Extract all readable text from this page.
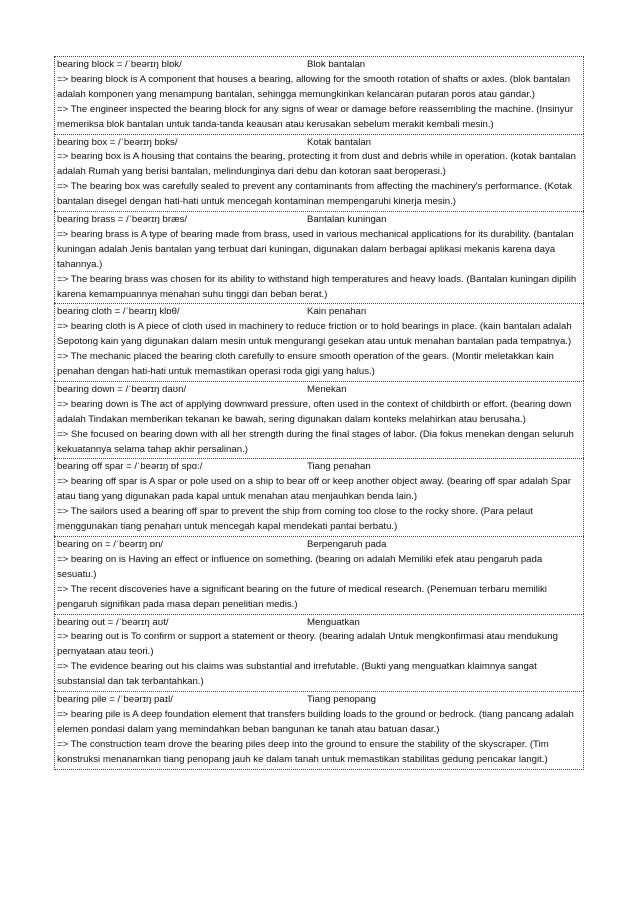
bearing block = /ˈbeərɪŋ blɒk/	Blok bantalan

=> bearing block is A component that houses a bearing, allowing for the smooth rotation of shafts or axles. (blok bantalan adalah komponen yang menampung bantalan, sehingga memungkinkan kelancaran putaran poros atau gandar.)

=> The engineer inspected the bearing block for any signs of wear or damage before reassembling the machine. (Insinyur memeriksa blok bantalan untuk tanda-tanda keausan atau kerusakan sebelum merakit kembali mesin.)

bearing box = /ˈbeərɪŋ bɒks/	Kotak bantalan

=> bearing box is A housing that contains the bearing, protecting it from dust and debris while in operation. (kotak bantalan adalah Rumah yang berisi bantalan, melindunginya dari debu dan kotoran saat beroperasi.)

=> The bearing box was carefully sealed to prevent any contaminants from affecting the machinery's performance. (Kotak bantalan disegel dengan hati-hati untuk mencegah kontaminan mempengaruhi kinerja mesin.)

bearing brass = /ˈbeərɪŋ bræs/	Bantalan kuningan

=> bearing brass is A type of bearing made from brass, used in various mechanical applications for its durability. (bantalan kuningan adalah Jenis bantalan yang terbuat dari kuningan, digunakan dalam berbagai aplikasi mekanis karena daya tahannya.)

=> The bearing brass was chosen for its ability to withstand high temperatures and heavy loads. (Bantalan kuningan dipilih karena kemampuannya menahan suhu tinggi dan beban berat.)

bearing cloth = /ˈbeərɪŋ klɒθ/	Kain penahan

=> bearing cloth is A piece of cloth used in machinery to reduce friction or to hold bearings in place. (kain bantalan adalah Sepotong kain yang digunakan dalam mesin untuk mengurangi gesekan atau untuk menahan bantalan pada tempatnya.)

=> The mechanic placed the bearing cloth carefully to ensure smooth operation of the gears. (Montir meletakkan kain penahan dengan hati-hati untuk memastikan operasi roda gigi yang halus.)

bearing down = /ˈbeərɪŋ daʊn/	Menekan

=> bearing down is The act of applying downward pressure, often used in the context of childbirth or effort. (bearing down adalah Tindakan memberikan tekanan ke bawah, sering digunakan dalam konteks melahirkan atau berusaha.)

=> She focused on bearing down with all her strength during the final stages of labor. (Dia fokus menekan dengan seluruh kekuatannya selama tahap akhir persalinan.)

bearing off spar = /ˈbeərɪŋ ɒf spɑː/	Tiang penahan

=> bearing off spar is A spar or pole used on a ship to bear off or keep another object away. (bearing off spar adalah Spar atau tiang yang digunakan pada kapal untuk menahan atau menjauhkan benda lain.)

=> The sailors used a bearing off spar to prevent the ship from coming too close to the rocky shore. (Para pelaut menggunakan tiang penahan untuk mencegah kapal mendekati pantai berbatu.)

bearing on = /ˈbeərɪŋ ɒn/	Berpengaruh pada

=> bearing on is Having an effect or influence on something. (bearing on adalah Memiliki efek atau pengaruh pada sesuatu.)

=> The recent discoveries have a significant bearing on the future of medical research. (Penemuan terbaru memiliki pengaruh signifikan pada masa depan penelitian medis.)

bearing out = /ˈbeərɪŋ aʊt/	Menguatkan

=> bearing out is To confirm or support a statement or theory. (bearing adalah Untuk mengkonfirmasi atau mendukung pernyataan atau teori.)

=> The evidence bearing out his claims was substantial and irrefutable. (Bukti yang menguatkan klaimnya sangat substansial dan tak terbantahkan.)

bearing pile = /ˈbeərɪŋ paɪl/	Tiang penopang

=> bearing pile is A deep foundation element that transfers building loads to the ground or bedrock. (tiang pancang adalah elemen pondasi dalam yang memindahkan beban bangunan ke tanah atau batuan dasar.)

=> The construction team drove the bearing piles deep into the ground to ensure the stability of the skyscraper. (Tim konstruksi menanamkan tiang penopang jauh ke dalam tanah untuk memastikan stabilitas gedung pencakar langit.)
